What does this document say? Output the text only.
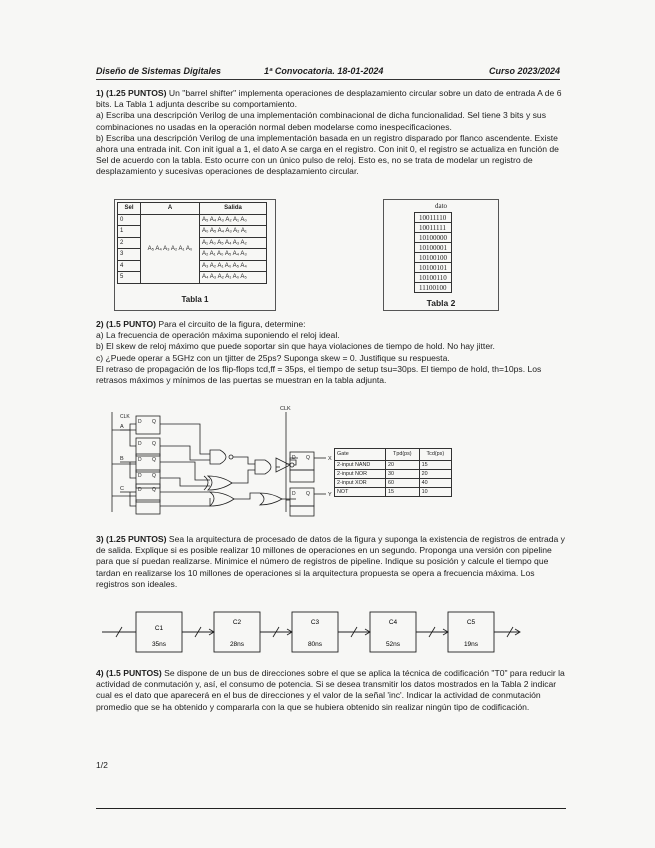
Diseño de Sistemas Digitales	1ª Convocatoria. 18-01-2024	Curso 2023/2024

1) (1.25 PUNTOS) Un "barrel shifter" implementa operaciones de desplazamiento circular sobre un dato de entrada A de 6 bits. La Tabla 1 adjunta describe su comportamiento.

a) Escriba una descripción Verilog de una implementación combinacional de dicha funcionalidad. Sel tiene 3 bits y sus combinaciones no usadas en la operación normal deben modelarse como inespecificaciones.

b) Escriba una descripción Verilog de una implementación basada en un registro disparado por flanco ascendente. Existe ahora una entrada init. Con init igual a 1, el dato A se carga en el registro. Con init 0, el registro se actualiza en función de Sel de acuerdo con la tabla. Esto ocurre con un único pulso de reloj. Esto es, no se trata de modelar un registro de desplazamiento y sucesivas operaciones de desplazamiento circular.

Sel	A	Salida
0	A₅ A₄ A₃ A₂ A₁ A₀	A₅ A₄ A₃ A₂ A₁ A₀
1		A₀ A₅ A₄ A₃ A₂ A₁
2		A₁ A₀ A₅ A₄ A₃ A₂
3		A₂ A₁ A₀ A₅ A₄ A₃
4		A₃ A₂ A₁ A₀ A₅ A₄
5		A₄ A₃ A₂ A₁ A₀ A₅
Tabla 1
dato
10011110
10011111
10100000
10100001
10100100
10100101
10100110
11100100
Tabla 2

2) (1.5 PUNTO) Para el circuito de la figura, determine:

a) La frecuencia de operación máxima suponiendo el reloj ideal.

b) El skew de reloj máximo que puede soportar sin que haya violaciones de tiempo de hold. No hay jitter.

c) ¿Puede operar a 5GHz con un tjitter de 25ps? Suponga skew = 0. Justifique su respuesta.

El retraso de propagación de los flip-flops tcd,ff = 35ps, el tiempo de setup tsu=30ps. El tiempo de hold, th=10ps. Los retrasos máximos y mínimos de las puertas se muestran en la tabla adjunta.

CLK
D Q
D Q
D Q
D Q
D Q
D Q
D Q
CLK
A
B
C
X
Y
Gate	Tpd(ps)	Tcd(ps)
2-input NAND	20	15
2-input NOR	30	20
2-input XOR	60	40
NOT	15	10

3) (1.25 PUNTOS) Sea la arquitectura de procesado de datos de la figura y suponga la existencia de registros de entrada y de salida. Explique si es posible realizar 10 millones de operaciones en un segundo. Proponga una versión con pipeline para que sí puedan realizarse. Minimice el número de registros de pipeline. Indique su posición y calcule el tiempo que tardan en realizarse los 10 millones de operaciones si la arquitectura propuesta se opera a frecuencia máxima. Los registros son ideales.

C1
35ns
C2
28ns
C3
80ns
C4
52ns
C5
19ns

4) (1.5 PUNTOS) Se dispone de un bus de direcciones sobre el que se aplica la técnica de codificación "T0" para reducir la actividad de conmutación y, así, el consumo de potencia. Si se desea transmitir los datos mostrados en la Tabla 2 indicar cual es el dato que aparecerá en el bus de direcciones y el valor de la señal 'inc'. Indicar la actividad de conmutación promedio que se ha obtenido y compararla con la que se hubiera obtenido sin realizar ningún tipo de codificación.

1/2
